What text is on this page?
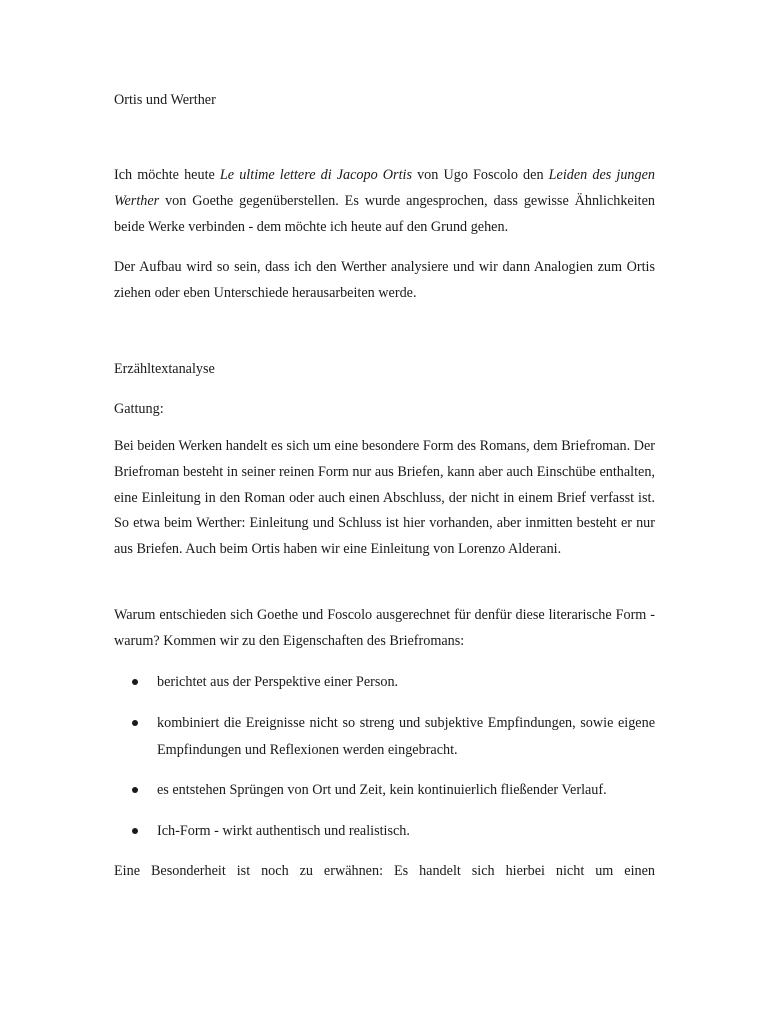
Ortis und Werther

Ich möchte heute Le ultime lettere di Jacopo Ortis von Ugo Foscolo den Leiden des jungen Werther von Goethe gegenüberstellen. Es wurde angesprochen, dass gewisse Ähnlichkeiten beide Werke verbinden - dem möchte ich heute auf den Grund gehen.

Der Aufbau wird so sein, dass ich den Werther analysiere und wir dann Analogien zum Ortis ziehen oder eben Unterschiede herausarbeiten werde.

Erzähltextanalyse

Gattung:

Bei beiden Werken handelt es sich um eine besondere Form des Romans, dem Briefroman. Der Briefroman besteht in seiner reinen Form nur aus Briefen, kann aber auch Einschübe enthalten, eine Einleitung in den Roman oder auch einen Abschluss, der nicht in einem Brief verfasst ist. So etwa beim Werther: Einleitung und Schluss ist hier vorhanden, aber inmitten besteht er nur aus Briefen. Auch beim Ortis haben wir eine Einleitung von Lorenzo Alderani.

Warum entschieden sich Goethe und Foscolo ausgerechnet für denfür diese literarische Form - warum? Kommen wir zu den Eigenschaften des Briefromans:

berichtet aus der Perspektive einer Person.

kombiniert die Ereignisse nicht so streng und subjektive Empfindungen, sowie eigene Empfindungen und Reflexionen werden eingebracht.

es entstehen Sprüngen von Ort und Zeit, kein kontinuierlich fließender Verlauf.

Ich-Form - wirkt authentisch und realistisch.

Eine Besonderheit ist noch zu erwähnen: Es handelt sich hierbei nicht um einen
